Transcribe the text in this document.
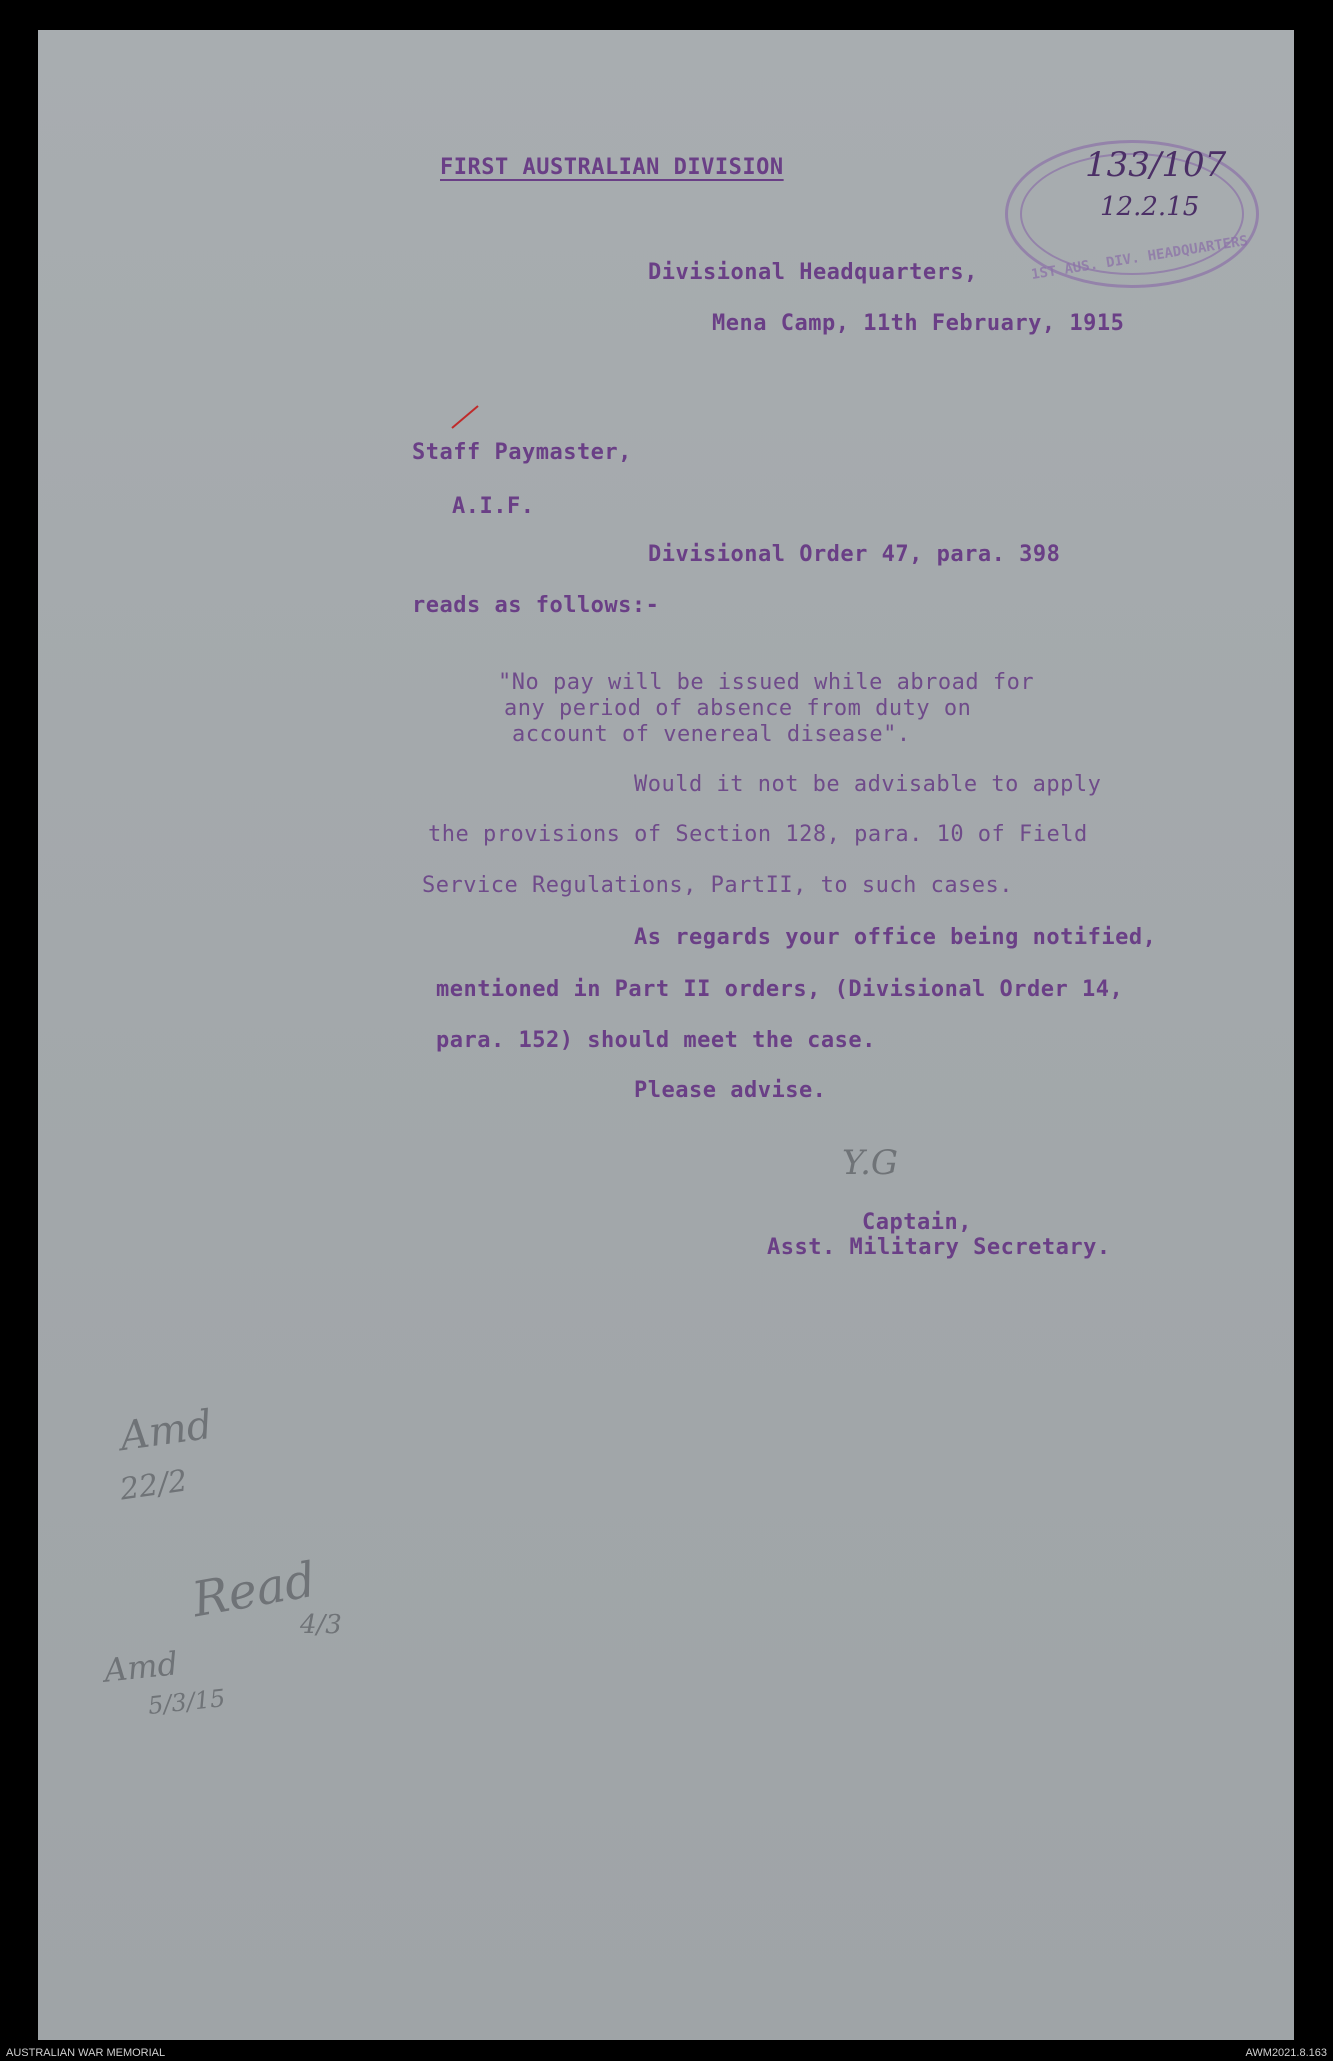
1ST AUS. DIV. HEADQUARTERS

133/107

12.2.15

FIRST AUSTRALIAN DIVISION

Divisional Headquarters,

Mena Camp, 11th February, 1915

Staff Paymaster,

A.I.F.

Divisional Order 47, para. 398

reads as follows:-

"No pay will be issued while abroad for

any period of absence from duty on

account of venereal disease".

Would it not be advisable to apply

the provisions of Section 128, para. 10 of Field

Service Regulations, PartII, to such cases.

As regards your office being notified,

mentioned in Part II orders, (Divisional Order 14,

para. 152) should meet the case.

Please advise.

Y.G

Captain,

Asst. Military Secretary.

Amd

22/2

Read

4/3

Amd

5/3/15

AUSTRALIAN WAR MEMORIAL	AWM2021.8.163
